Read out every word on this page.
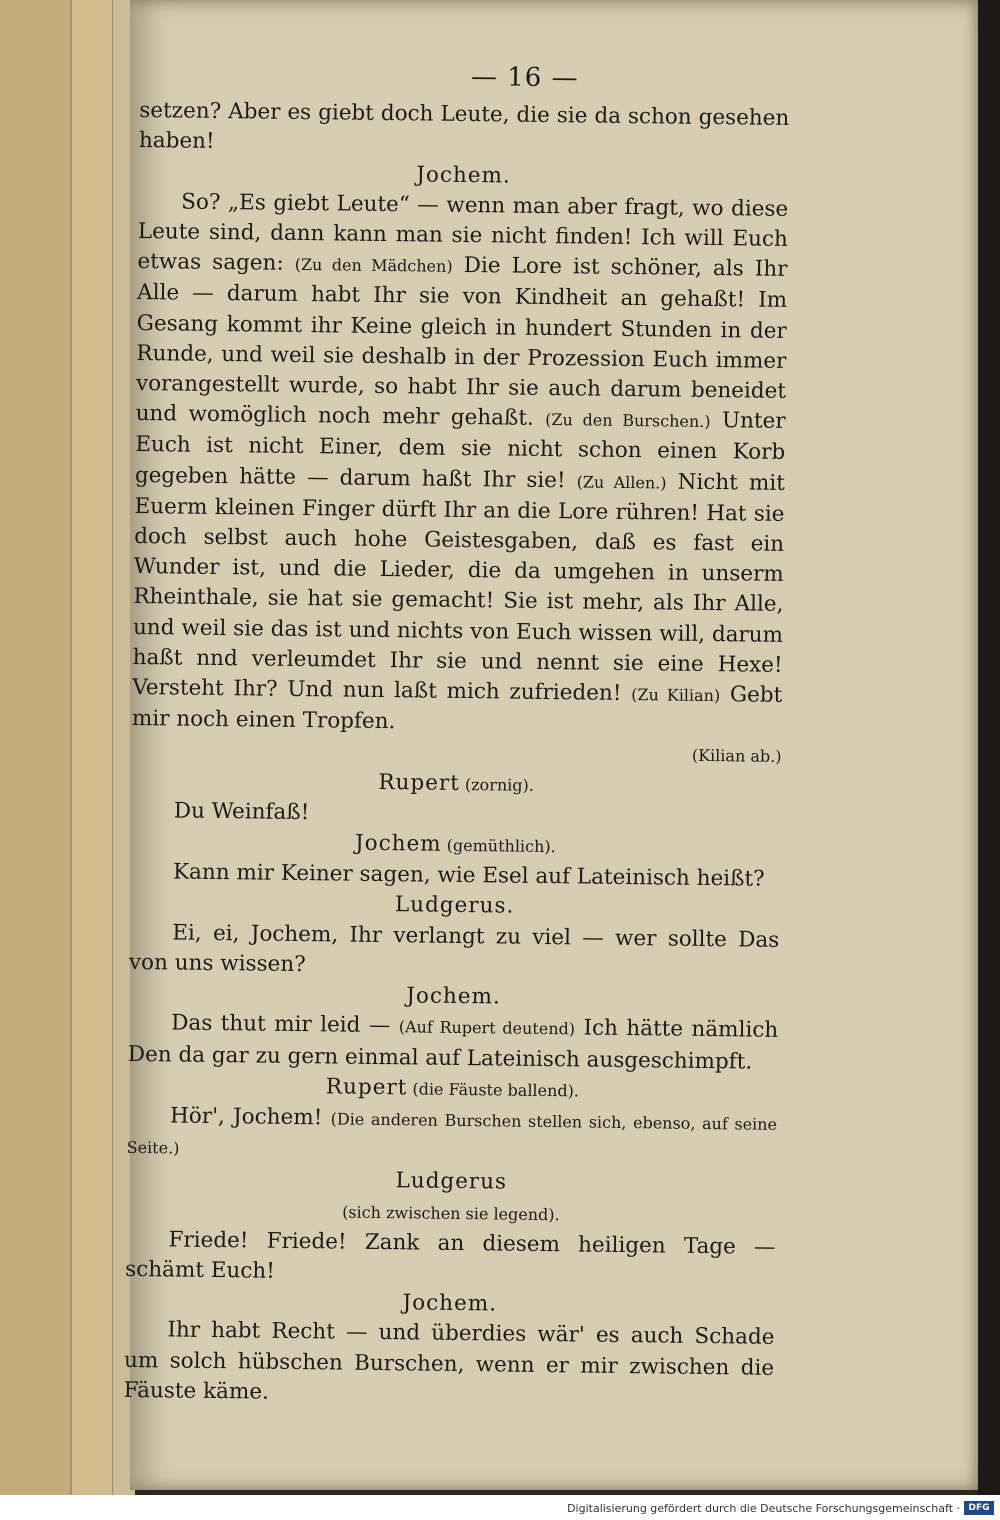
— 16 —

setzen? Aber es giebt doch Leute, die sie da schon gesehen haben!

Jochem.

So? „Es giebt Leute“ — wenn man aber fragt, wo diese Leute sind, dann kann man sie nicht finden! Ich will Euch etwas sagen: (Zu den Mädchen) Die Lore ist schöner, als Ihr Alle — darum habt Ihr sie von Kindheit an gehaßt! Im Gesang kommt ihr Keine gleich in hundert Stunden in der Runde, und weil sie deshalb in der Prozession Euch immer vorangestellt wurde, so habt Ihr sie auch darum beneidet und womöglich noch mehr gehaßt. (Zu den Burschen.) Unter Euch ist nicht Einer, dem sie nicht schon einen Korb gegeben hätte — darum haßt Ihr sie! (Zu Allen.) Nicht mit Euerm kleinen Finger dürft Ihr an die Lore rühren! Hat sie doch selbst auch hohe Geistesgaben, daß es fast ein Wunder ist, und die Lieder, die da umgehen in unserm Rheinthale, sie hat sie gemacht! Sie ist mehr, als Ihr Alle, und weil sie das ist und nichts von Euch wissen will, darum haßt nnd verleumdet Ihr sie und nennt sie eine Hexe! Versteht Ihr? Und nun laßt mich zufrieden! (Zu Kilian) Gebt mir noch einen Tropfen.

(Kilian ab.)
Rupert (zornig).

Du Weinfaß!

Jochem (gemüthlich).

Kann mir Keiner sagen, wie Esel auf Lateinisch heißt?

Ludgerus.

Ei, ei, Jochem, Ihr verlangt zu viel — wer sollte Das von uns wissen?

Jochem.

Das thut mir leid — (Auf Rupert deutend) Ich hätte nämlich Den da gar zu gern einmal auf Lateinisch ausgeschimpft.

Rupert (die Fäuste ballend).

Hör', Jochem! (Die anderen Burschen stellen sich, ebenso, auf seine Seite.)

Ludgerus
(sich zwischen sie legend).

Friede! Friede! Zank an diesem heiligen Tage — schämt Euch!

Jochem.

Ihr habt Recht — und überdies wär' es auch Schade um solch hübschen Burschen, wenn er mir zwischen die Fäuste käme.

Digitalisierung gefördert durch die Deutsche Forschungsgemeinschaft · DFG
